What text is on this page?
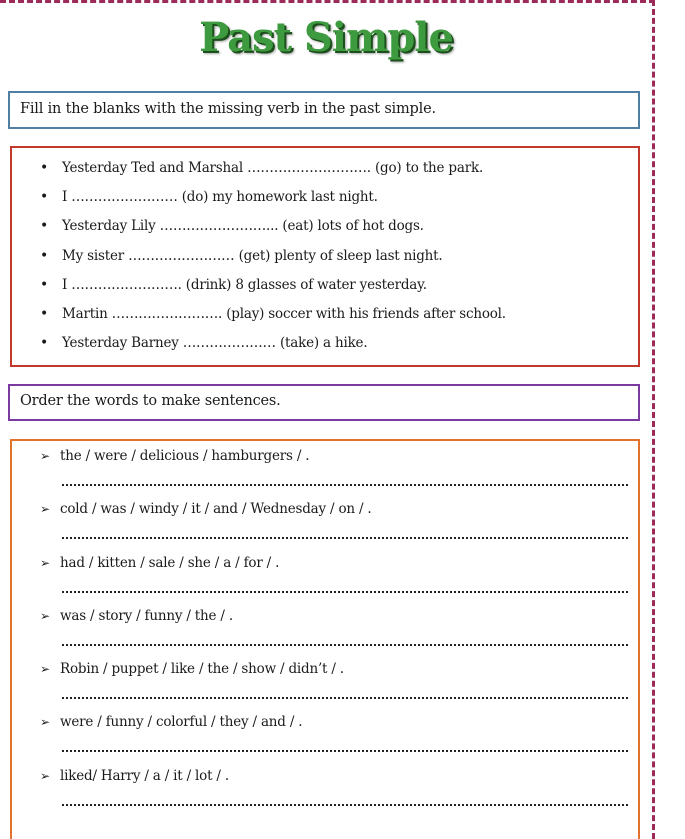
Past Simple
Fill in the blanks with the missing verb in the past simple.
• Yesterday Ted and Marshal ………………………. (go) to the park.
• I …………………… (do) my homework last night.
• Yesterday Lily ……………………... (eat) lots of hot dogs.
• My sister …………………… (get) plenty of sleep last night.
• I ……………………. (drink) 8 glasses of water yesterday.
• Martin ……………………. (play) soccer with his friends after school.
• Yesterday Barney ………………… (take) a hike.
Order the words to make sentences.
➢ the / were / delicious / hamburgers / .
➢ cold / was / windy / it / and / Wednesday / on / .
➢ had / kitten / sale / she / a / for / .
➢ was / story / funny / the / .
➢ Robin / puppet / like / the / show / didn’t / .
➢ were / funny / colorful / they / and / .
➢ liked/ Harry / a / it / lot / .
